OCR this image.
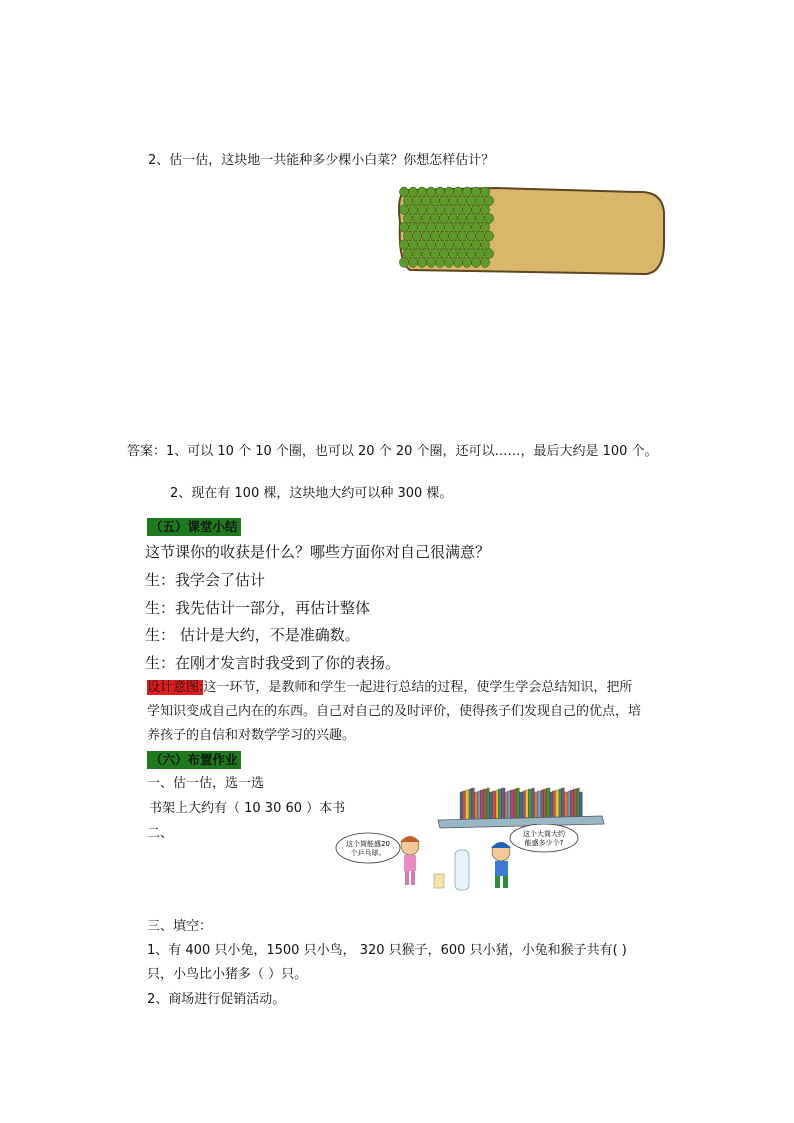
2、估一估，这块地一共能种多少棵小白菜？你想怎样估计？
答案：1、可以 10 个 10 个圈，也可以 20 个 20 个圈，还可以……，最后大约是 100 个。
2、现在有 100 棵，这块地大约可以种 300 棵。
（五）课堂小结
这节课你的收获是什么？哪些方面你对自己很满意？
生：我学会了估计
生：我先估计一部分，再估计整体
生： 估计是大约，不是准确数。
生：在刚才发言时我受到了你的表扬。
设计意图:这一环节，是教师和学生一起进行总结的过程，使学生学会总结知识，把所
学知识变成自己内在的东西。自己对自己的及时评价，使得孩子们发现自己的优点，培
养孩子的自信和对数学学习的兴趣。
（六）布置作业
一、估一估，选一选
书架上大约有（ 10 30 60 ）本书
二、
这个筒能盛20
个乒乓球。
这个大筒大约
能盛多少个?
三、填空：
1、有 400 只小兔，1500 只小鸟， 320 只猴子，600 只小猪，小兔和猴子共有( )
只，小鸟比小猪多（ ）只。
2、商场进行促销活动。
